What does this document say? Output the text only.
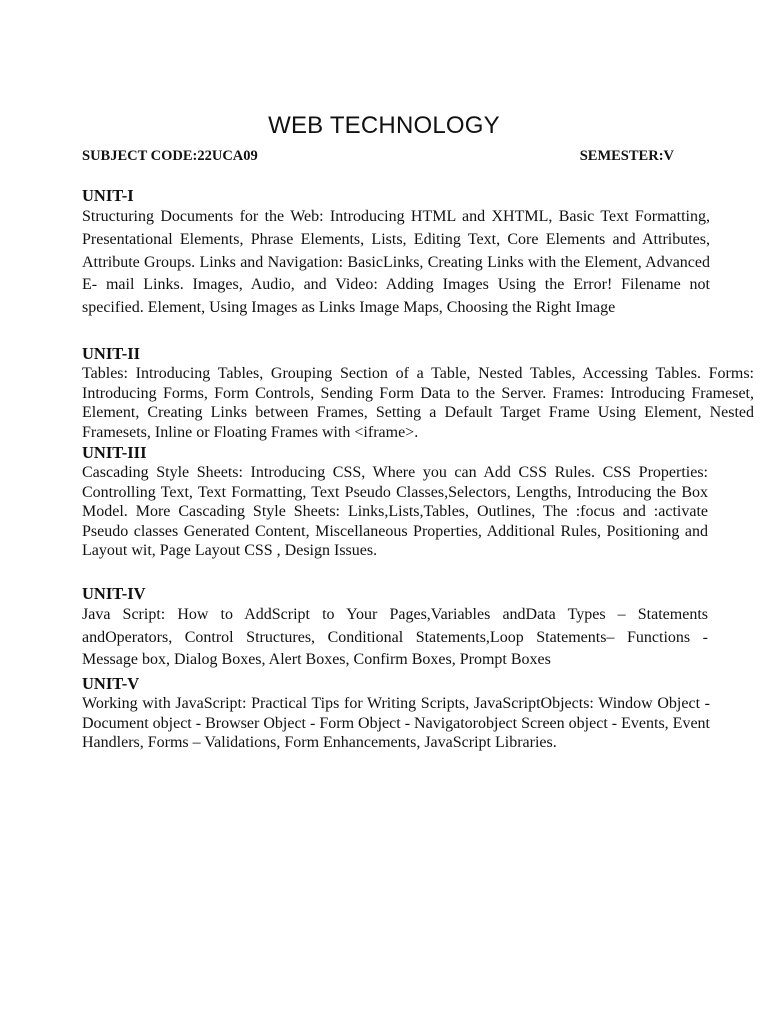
WEB TECHNOLOGY
SUBJECT CODE:22UCA09	SEMESTER:V
UNIT-I
Structuring Documents for the Web: Introducing HTML and XHTML, Basic Text Formatting, Presentational Elements, Phrase Elements, Lists, Editing Text, Core Elements and Attributes, Attribute Groups. Links and Navigation: BasicLinks, Creating Links with the Element, Advanced E- mail Links. Images, Audio, and Video: Adding Images Using the Error! Filename not specified. Element, Using Images as Links Image Maps, Choosing the Right Image
UNIT-II
Tables: Introducing Tables, Grouping Section of a Table, Nested Tables, Accessing Tables. Forms: Introducing Forms, Form Controls, Sending Form Data to the Server. Frames: Introducing Frameset, Element, Creating Links between Frames, Setting a Default Target Frame Using Element, Nested Framesets, Inline or Floating Frames with <iframe>.
UNIT-III
Cascading Style Sheets: Introducing CSS, Where you can Add CSS Rules. CSS Properties: Controlling Text, Text Formatting, Text Pseudo Classes,Selectors, Lengths, Introducing the Box Model. More Cascading Style Sheets: Links,Lists,Tables, Outlines, The :focus and :activate Pseudo classes Generated Content, Miscellaneous Properties, Additional Rules, Positioning and Layout wit, Page Layout CSS , Design Issues.
UNIT-IV
Java Script: How to AddScript to Your Pages,Variables andData Types – Statements andOperators, Control Structures, Conditional Statements,Loop Statements– Functions - Message box, Dialog Boxes, Alert Boxes, Confirm Boxes, Prompt Boxes
UNIT-V
Working with JavaScript: Practical Tips for Writing Scripts, JavaScriptObjects: Window Object - Document object - Browser Object - Form Object - Navigatorobject Screen object - Events, Event Handlers, Forms – Validations, Form Enhancements, JavaScript Libraries.
